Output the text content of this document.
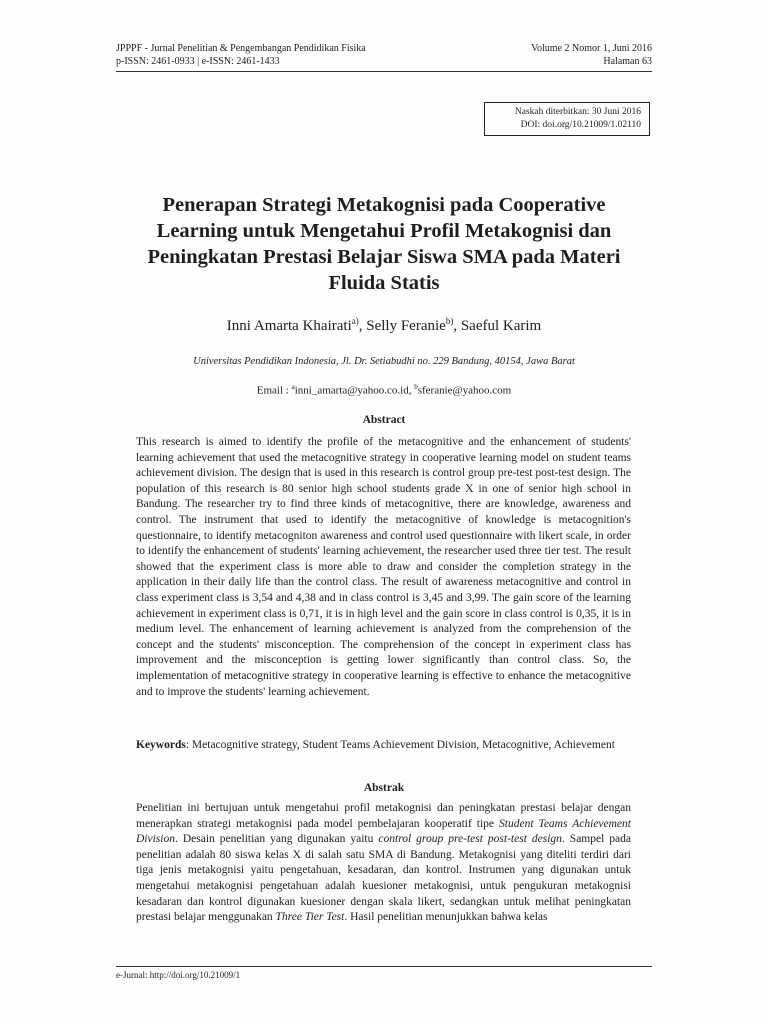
JPPPF - Jurnal Penelitian & Pengembangan Pendidikan Fisika
p-ISSN: 2461-0933 | e-ISSN: 2461-1433
Volume 2 Nomor 1, Juni 2016
Halaman 63
Naskah diterbitkan: 30 Juni 2016
DOI: doi.org/10.21009/1.02110
Penerapan Strategi Metakognisi pada Cooperative Learning untuk Mengetahui Profil Metakognisi dan Peningkatan Prestasi Belajar Siswa SMA pada Materi Fluida Statis
Inni Amarta Khairati$^{a)}$, Selly Feranie$^{b)}$, Saeful Karim
Universitas Pendidikan Indonesia, Jl. Dr. Setiabudhi no. 229 Bandung, 40154, Jawa Barat
Email : $^a$inni_amarta@yahoo.co.id, $^b$sferanie@yahoo.com
Abstract
This research is aimed to identify the profile of the metacognitive and the enhancement of students' learning achievement that used the metacognitive strategy in cooperative learning model on student teams achievement division. The design that is used in this research is control group pre-test post-test design. The population of this research is 80 senior high school students grade X in one of senior high school in Bandung. The researcher try to find three kinds of metacognitive, there are knowledge, awareness and control. The instrument that used to identify the metacognitive of knowledge is metacognition's questionnaire, to identify metacogniton awareness and control used questionnaire with likert scale, in order to identify the enhancement of students' learning achievement, the researcher used three tier test. The result showed that the experiment class is more able to draw and consider the completion strategy in the application in their daily life than the control class. The result of awareness metacognitive and control in class experiment class is 3,54 and 4,38 and in class control is 3,45 and 3,99. The gain score of the learning achievement in experiment class is 0,71, it is in high level and the gain score in class control is 0,35, it is in medium level. The enhancement of learning achievement is analyzed from the comprehension of the concept and the students' misconception. The comprehension of the concept in experiment class has improvement and the misconception is getting lower significantly than control class. So, the implementation of metacognitive strategy in cooperative learning is effective to enhance the metacognitive and to improve the students' learning achievement.
Keywords: Metacognitive strategy, Student Teams Achievement Division, Metacognitive, Achievement
Abstrak
Penelitian ini bertujuan untuk mengetahui profil metakognisi dan peningkatan prestasi belajar dengan menerapkan strategi metakognisi pada model pembelajaran kooperatif tipe Student Teams Achievement Division. Desain penelitian yang digunakan yaitu control group pre-test post-test design. Sampel pada penelitian adalah 80 siswa kelas X di salah satu SMA di Bandung. Metakognisi yang diteliti terdiri dari tiga jenis metakognisi yaitu pengetahuan, kesadaran, dan kontrol. Instrumen yang digunakan untuk mengetahui metakognisi pengetahuan adalah kuesioner metakognisi, untuk pengukuran metakognisi kesadaran dan kontrol digunakan kuesioner dengan skala likert, sedangkan untuk melihat peningkatan prestasi belajar menggunakan Three Tier Test. Hasil penelitian menunjukkan bahwa kelas
e-Jurnal: http://doi.org/10.21009/1
